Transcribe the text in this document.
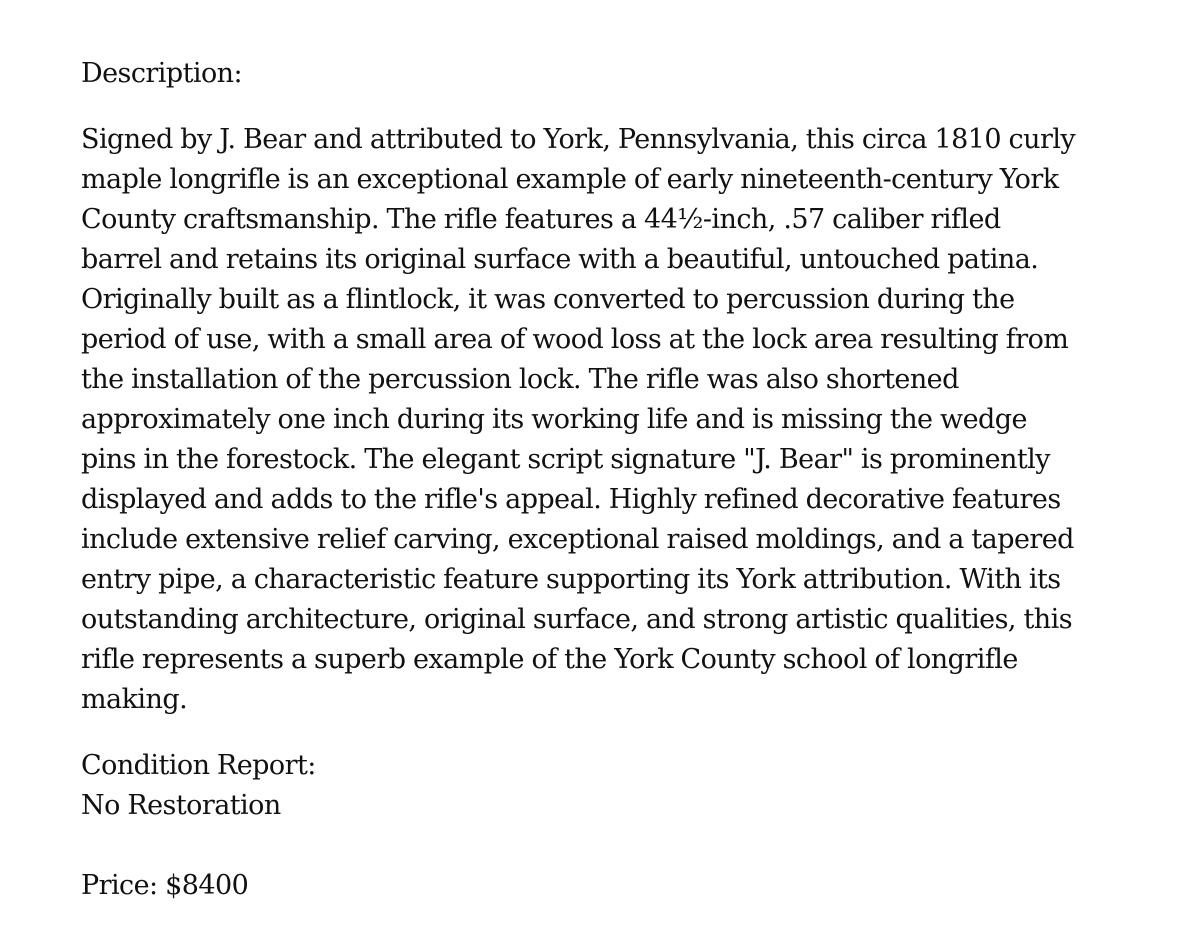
Description:
Signed by J. Bear and attributed to York, Pennsylvania, this circa 1810 curly
maple longrifle is an exceptional example of early nineteenth-century York
County craftsmanship. The rifle features a 44½-inch, .57 caliber rifled
barrel and retains its original surface with a beautiful, untouched patina.
Originally built as a flintlock, it was converted to percussion during the
period of use, with a small area of wood loss at the lock area resulting from
the installation of the percussion lock. The rifle was also shortened
approximately one inch during its working life and is missing the wedge
pins in the forestock. The elegant script signature "J. Bear" is prominently
displayed and adds to the rifle's appeal. Highly refined decorative features
include extensive relief carving, exceptional raised moldings, and a tapered
entry pipe, a characteristic feature supporting its York attribution. With its
outstanding architecture, original surface, and strong artistic qualities, this
rifle represents a superb example of the York County school of longrifle
making.
Condition Report:
No Restoration
Price: $8400
